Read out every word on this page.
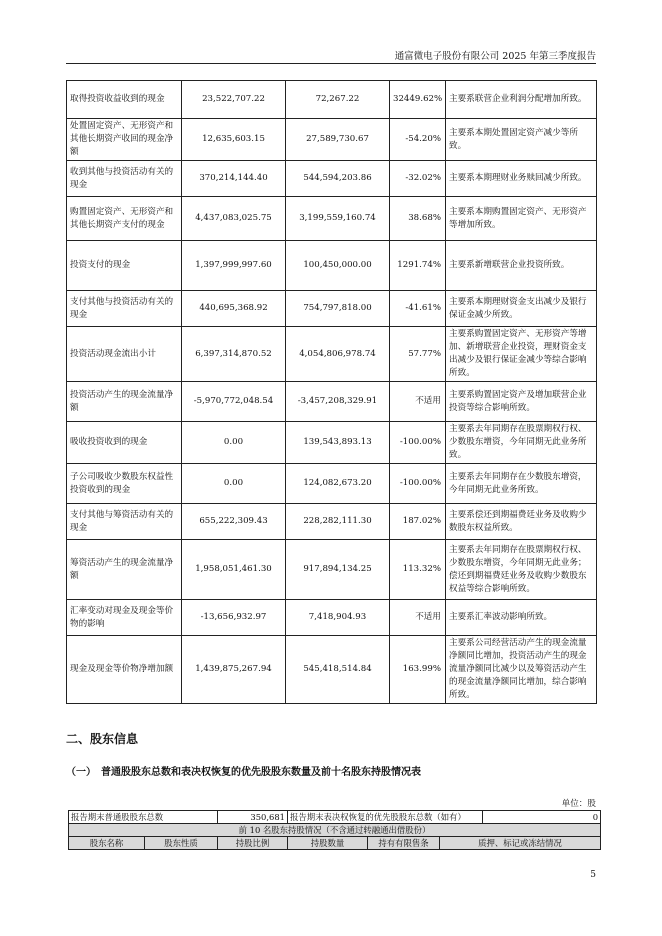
通富微电子股份有限公司 2025 年第三季度报告
取得投资收益收到的现金	23,522,707.22	72,267.22	32449.62%	主要系联营企业利润分配增加所致。
处置固定资产、无形资产和其他长期资产收回的现金净额	12,635,603.15	27,589,730.67	-54.20%	主要系本期处置固定资产减少等所致。
收到其他与投资活动有关的现金	370,214,144.40	544,594,203.86	-32.02%	主要系本期理财业务赎回减少所致。
购置固定资产、无形资产和其他长期资产支付的现金	4,437,083,025.75	3,199,559,160.74	38.68%	主要系本期购置固定资产、无形资产等增加所致。
投资支付的现金	1,397,999,997.60	100,450,000.00	1291.74%	主要系新增联营企业投资所致。
支付其他与投资活动有关的现金	440,695,368.92	754,797,818.00	-41.61%	主要系本期理财资金支出减少及银行保证金减少所致。
投资活动现金流出小计	6,397,314,870.52	4,054,806,978.74	57.77%	主要系购置固定资产、无形资产等增加、新增联营企业投资，理财资金支出减少及银行保证金减少等综合影响所致。
投资活动产生的现金流量净额	-5,970,772,048.54	-3,457,208,329.91	不适用	主要系购置固定资产及增加联营企业投资等综合影响所致。
吸收投资收到的现金	0.00	139,543,893.13	-100.00%	主要系去年同期存在股票期权行权、少数股东增资，今年同期无此业务所致。
子公司吸收少数股东权益性投资收到的现金	0.00	124,082,673.20	-100.00%	主要系去年同期存在少数股东增资，今年同期无此业务所致。
支付其他与筹资活动有关的现金	655,222,309.43	228,282,111.30	187.02%	主要系偿还到期福费廷业务及收购少数股东权益所致。
筹资活动产生的现金流量净额	1,958,051,461.30	917,894,134.25	113.32%	主要系去年同期存在股票期权行权、少数股东增资，今年同期无此业务；偿还到期福费廷业务及收购少数股东权益等综合影响所致。
汇率变动对现金及现金等价物的影响	-13,656,932.97	7,418,904.93	不适用	主要系汇率波动影响所致。
现金及现金等价物净增加额	1,439,875,267.94	545,418,514.84	163.99%	主要系公司经营活动产生的现金流量净额同比增加，投资活动产生的现金流量净额同比减少以及筹资活动产生的现金流量净额同比增加，综合影响所致。
二、股东信息
（一）　普通股股东总数和表决权恢复的优先股股东数量及前十名股东持股情况表
单位：股
报告期末普通股股东总数		350,681	报告期末表决权恢复的优先股股东总数（如有）			0
前 10 名股东持股情况（不含通过转融通出借股份）						
股东名称	股东性质	持股比例	持股数量	持有有限售条	质押、标记或冻结情况	
5
